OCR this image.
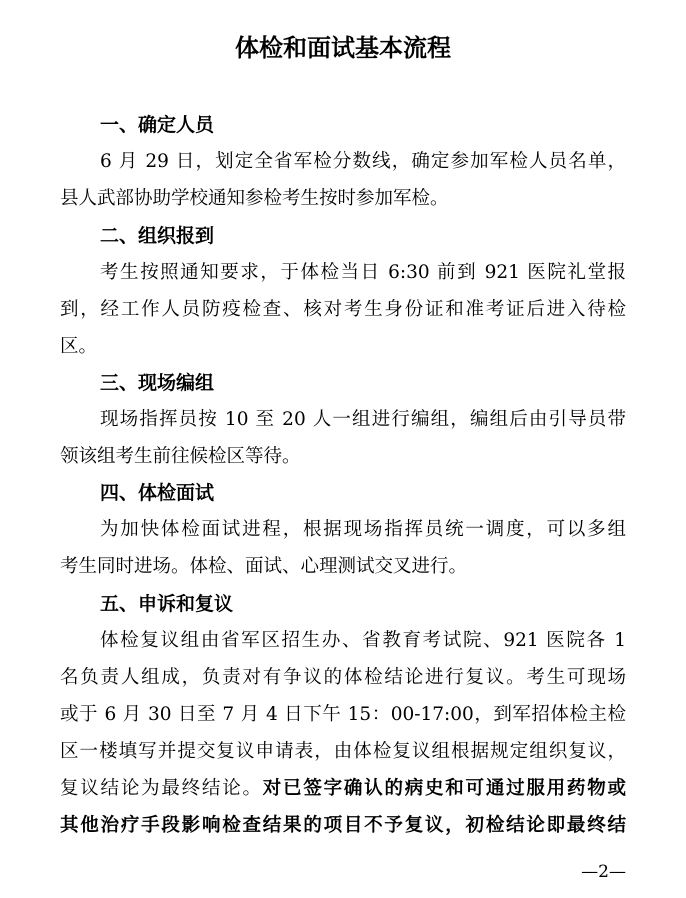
体检和面试基本流程
一、确定人员
6 月 29 日，划定全省军检分数线，确定参加军检人员名单，
县人武部协助学校通知参检考生按时参加军检。
二、组织报到
考生按照通知要求，于体检当日 6:30 前到 921 医院礼堂报
到，经工作人员防疫检查、核对考生身份证和准考证后进入待检
区。
三、现场编组
现场指挥员按 10 至 20 人一组进行编组，编组后由引导员带
领该组考生前往候检区等待。
四、体检面试
为加快体检面试进程，根据现场指挥员统一调度，可以多组
考生同时进场。体检、面试、心理测试交叉进行。
五、申诉和复议
体检复议组由省军区招生办、省教育考试院、921 医院各 1
名负责人组成，负责对有争议的体检结论进行复议。考生可现场
或于 6 月 30 日至 7 月 4 日下午 15：00-17:00，到军招体检主检
区一楼填写并提交复议申请表，由体检复议组根据规定组织复议，
复议结论为最终结论。对已签字确认的病史和可通过服用药物或
其他治疗手段影响检查结果的项目不予复议，初检结论即最终结
—2—
